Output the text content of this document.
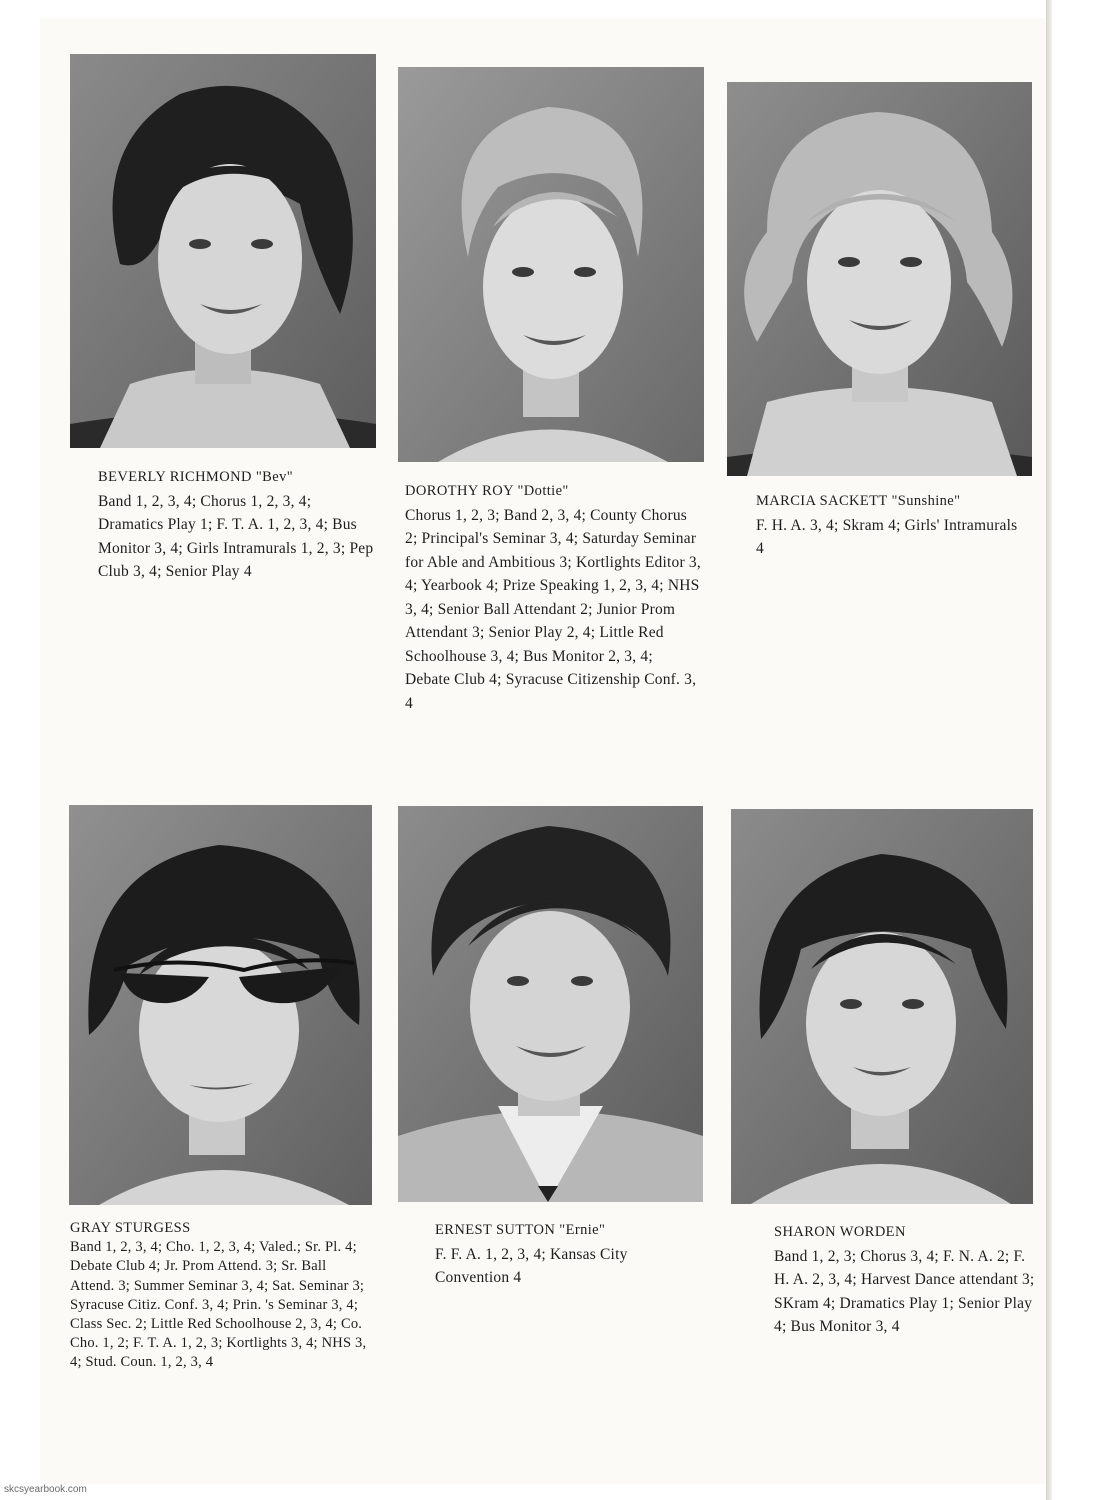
BEVERLY RICHMOND "Bev"
Band 1, 2, 3, 4; Chorus 1, 2, 3, 4; Dramatics Play 1; F. T. A. 1, 2, 3, 4; Bus Monitor 3, 4; Girls Intramurals 1, 2, 3; Pep Club 3, 4; Senior Play 4
DOROTHY ROY "Dottie"
Chorus 1, 2, 3; Band 2, 3, 4; County Chorus 2; Principal's Seminar 3, 4; Saturday Seminar for Able and Ambitious 3; Kortlights Editor 3, 4; Yearbook 4; Prize Speaking 1, 2, 3, 4; NHS 3, 4; Senior Ball Attendant 2; Junior Prom Attendant 3; Senior Play 2, 4; Little Red Schoolhouse 3, 4; Bus Monitor 2, 3, 4; Debate Club 4; Syracuse Citizenship Conf. 3, 4
MARCIA SACKETT "Sunshine"
F. H. A. 3, 4; Skram 4; Girls' Intramurals 4
GRAY STURGESS
Band 1, 2, 3, 4; Cho. 1, 2, 3, 4; Valed.; Sr. Pl. 4; Debate Club 4; Jr. Prom Attend. 3; Sr. Ball Attend. 3; Summer Seminar 3, 4; Sat. Seminar 3; Syracuse Citiz. Conf. 3, 4; Prin. 's Seminar 3, 4; Class Sec. 2; Little Red Schoolhouse 2, 3, 4; Co. Cho. 1, 2; F. T. A. 1, 2, 3; Kortlights 3, 4; NHS 3, 4; Stud. Coun. 1, 2, 3, 4
ERNEST SUTTON "Ernie"
F. F. A. 1, 2, 3, 4; Kansas City Convention 4
SHARON WORDEN
Band 1, 2, 3; Chorus 3, 4; F. N. A. 2; F. H. A. 2, 3, 4; Harvest Dance attendant 3; SKram 4; Dramatics Play 1; Senior Play 4; Bus Monitor 3, 4
skcsyearbook.com
